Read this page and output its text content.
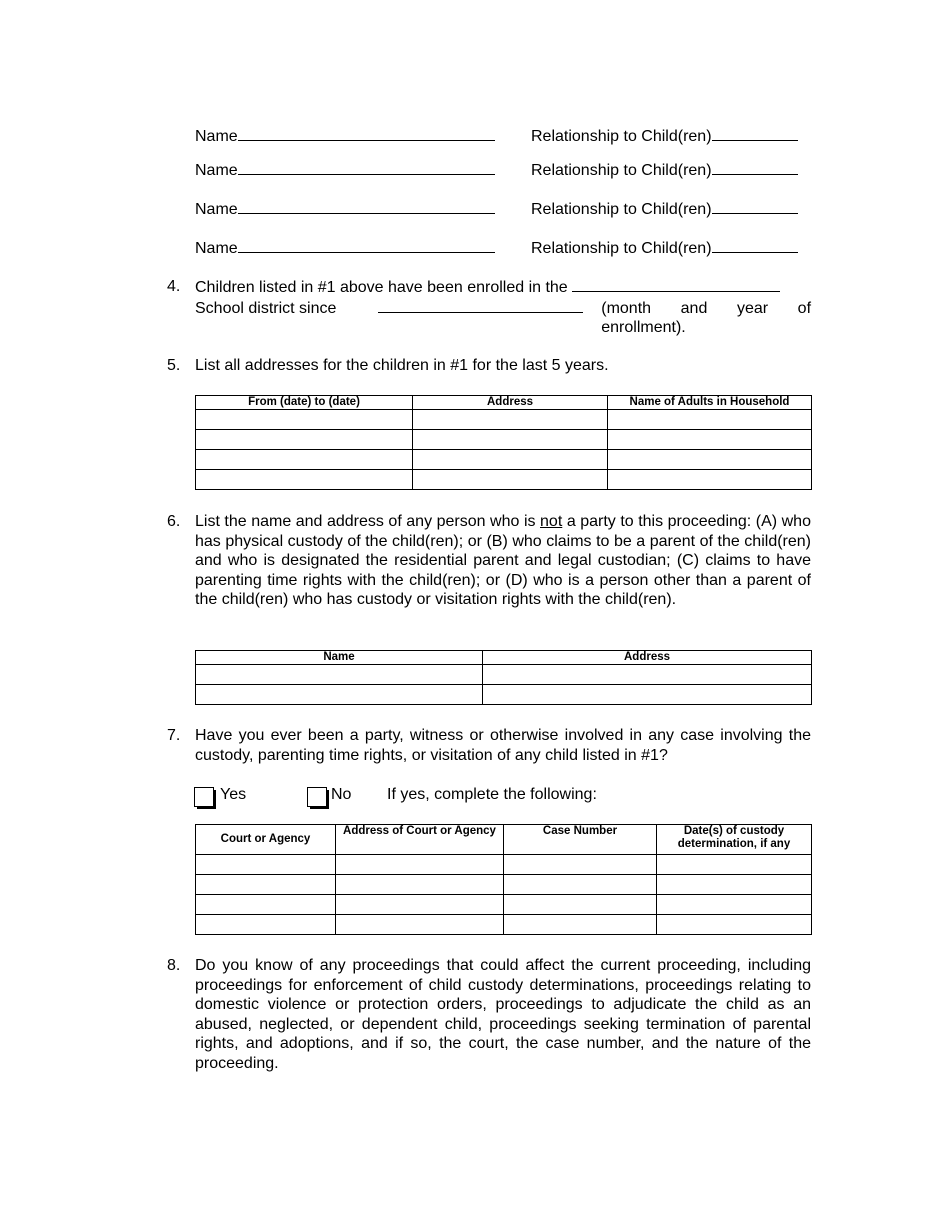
Name	Relationship to Child(ren)
Name	Relationship to Child(ren)
Name	Relationship to Child(ren)
Name	Relationship to Child(ren)
4. Children listed in #1 above have been enrolled in the
School district since	(month and year of enrollment).
5. List all addresses for the children in #1 for the last 5 years.
From (date) to (date)	Address	Name of Adults in Household

6. List the name and address of any person who is not a party to this proceeding: (A) who has physical custody of the child(ren); or (B) who claims to be a parent of the child(ren) and who is designated the residential parent and legal custodian; (C) claims to have parenting time rights with the child(ren); or (D) who is a person other than a parent of the child(ren) who has custody or visitation rights with the child(ren).
Name	Address

7. Have you ever been a party, witness or otherwise involved in any case involving the custody, parenting time rights, or visitation of any child listed in #1?
Yes	No If yes, complete the following:
Court or Agency	Address of Court or Agency	Case Number	Date(s) of custody determination, if any

8. Do you know of any proceedings that could affect the current proceeding, including proceedings for enforcement of child custody determinations, proceedings relating to domestic violence or protection orders, proceedings to adjudicate the child as an abused, neglected, or dependent child, proceedings seeking termination of parental rights, and adoptions, and if so, the court, the case number, and the nature of the proceeding.
